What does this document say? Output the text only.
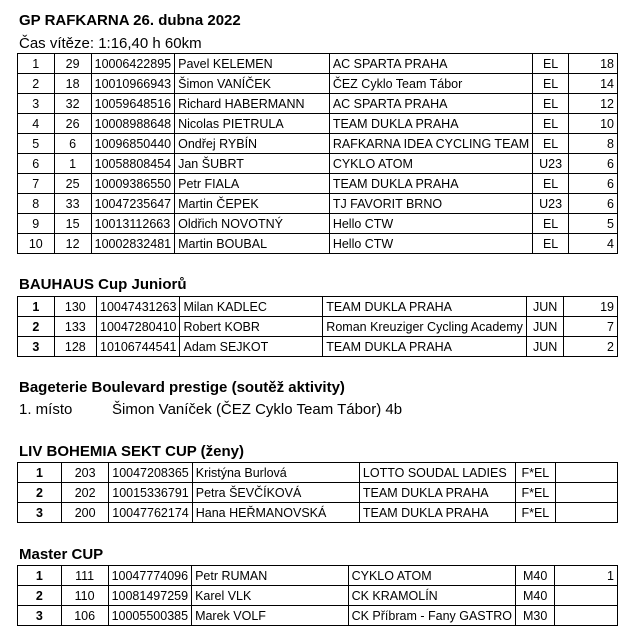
GP RAFKARNA 26. dubna 2022
Čas vítěze: 1:16,40 h 60km
1	29	10006422895	Pavel KELEMEN	AC SPARTA PRAHA	EL	18
2	18	10010966943	Šimon VANÍČEK	ČEZ Cyklo Team Tábor	EL	14
3	32	10059648516	Richard HABERMANN	AC SPARTA PRAHA	EL	12
4	26	10008988648	Nicolas PIETRULA	TEAM DUKLA PRAHA	EL	10
5	6	10096850440	Ondřej RYBÍN	RAFKARNA IDEA CYCLING TEAM	EL	8
6	1	10058808454	Jan ŠUBRT	CYKLO ATOM	U23	6
7	25	10009386550	Petr FIALA	TEAM DUKLA PRAHA	EL	6
8	33	10047235647	Martin ČEPEK	TJ FAVORIT BRNO	U23	6
9	15	10013112663	Oldřich NOVOTNÝ	Hello CTW	EL	5
10	12	10002832481	Martin BOUBAL	Hello CTW	EL	4
BAUHAUS Cup Juniorů
1	130	10047431263	Milan KADLEC	TEAM DUKLA PRAHA	JUN	19
2	133	10047280410	Robert KOBR	Roman Kreuziger Cycling Academy	JUN	7
3	128	10106744541	Adam SEJKOT	TEAM DUKLA PRAHA	JUN	2
Bageterie Boulevard prestige (soutěž aktivity)
1. místo	Šimon Vaníček (ČEZ Cyklo Team Tábor) 4b
LIV BOHEMIA SEKT CUP (ženy)
1	203	10047208365	Kristýna Burlová	LOTTO SOUDAL LADIES	F*EL	
2	202	10015336791	Petra ŠEVČÍKOVÁ	TEAM DUKLA PRAHA	F*EL	
3	200	10047762174	Hana HEŘMANOVSKÁ	TEAM DUKLA PRAHA	F*EL	
Master CUP
1	111	10047774096	Petr RUMAN	CYKLO ATOM	M40	1
2	110	10081497259	Karel VLK	CK KRAMOLÍN	M40	
3	106	10005500385	Marek VOLF	CK Příbram - Fany GASTRO	M30	
